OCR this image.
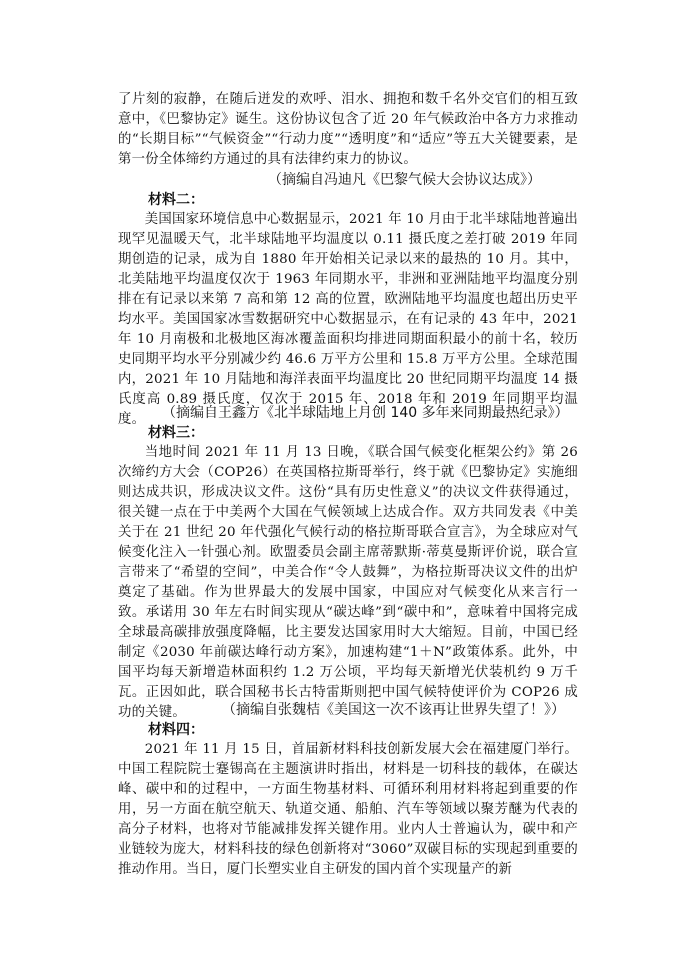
了片刻的寂静，在随后迸发的欢呼、泪水、拥抱和数千名外交官们的相互致意中，《巴黎协定》诞生。这份协议包含了近 20 年气候政治中各方力求推动的“长期目标”“气候资金”“行动力度”“透明度”和“适应”等五大关键要素，是第一份全体缔约方通过的具有法律约束力的协议。

（摘编自冯迪凡《巴黎气候大会协议达成》）

材料二：

美国国家环境信息中心数据显示，2021 年 10 月由于北半球陆地普遍出现罕见温暖天气，北半球陆地平均温度以 0.11 摄氏度之差打破 2019 年同期创造的记录，成为自 1880 年开始相关记录以来的最热的 10 月。其中，北美陆地平均温度仅次于 1963 年同期水平，非洲和亚洲陆地平均温度分别排在有记录以来第 7 高和第 12 高的位置，欧洲陆地平均温度也超出历史平均水平。美国国家冰雪数据研究中心数据显示，在有记录的 43 年中，2021 年 10 月南极和北极地区海冰覆盖面积均排进同期面积最小的前十名，较历史同期平均水平分别减少约 46.6 万平方公里和 15.8 万平方公里。全球范围内，2021 年 10 月陆地和海洋表面平均温度比 20 世纪同期平均温度 14 摄氏度高 0.89 摄氏度，仅次于 2015 年、2018 年和 2019 年同期平均温度。	（摘编自王鑫方《北半球陆地上月创 140 多年来同期最热纪录》）

材料三：

当地时间 2021 年 11 月 13 日晚，《联合国气候变化框架公约》第 26 次缔约方大会（COP26）在英国格拉斯哥举行，终于就《巴黎协定》实施细则达成共识，形成决议文件。这份“具有历史性意义”的决议文件获得通过，很关键一点在于中美两个大国在气候领域上达成合作。双方共同发表《中美关于在 21 世纪 20 年代强化气候行动的格拉斯哥联合宣言》，为全球应对气候变化注入一针强心剂。欧盟委员会副主席蒂默斯·蒂莫曼斯评价说，联合宣言带来了“希望的空间”，中美合作“令人鼓舞”，为格拉斯哥决议文件的出炉奠定了基础。作为世界最大的发展中国家，中国应对气候变化从来言行一致。承诺用 30 年左右时间实现从“碳达峰”到“碳中和”，意味着中国将完成全球最高碳排放强度降幅，比主要发达国家用时大大缩短。目前，中国已经制定《2030 年前碳达峰行动方案》，加速构建“1＋N”政策体系。此外，中国平均每天新增造林面积约 1.2 万公顷，平均每天新增光伏装机约 9 万千瓦。正因如此，联合国秘书长古特雷斯则把中国气候特使评价为 COP26 成功的关键。	（摘编自张魏桔《美国这一次不该再让世界失望了！》）

材料四：

2021 年 11 月 15 日，首届新材料科技创新发展大会在福建厦门举行。中国工程院院士蹇锡高在主题演讲时指出，材料是一切科技的载体，在碳达峰、碳中和的过程中，一方面生物基材料、可循环利用材料将起到重要的作用，另一方面在航空航天、轨道交通、船舶、汽车等领域以聚芳醚为代表的高分子材料，也将对节能减排发挥关键作用。业内人士普遍认为，碳中和产业链较为庞大，材料科技的绿色创新将对“3060”双碳目标的实现起到重要的推动作用。当日，厦门长塑实业自主研发的国内首个实现量产的新
